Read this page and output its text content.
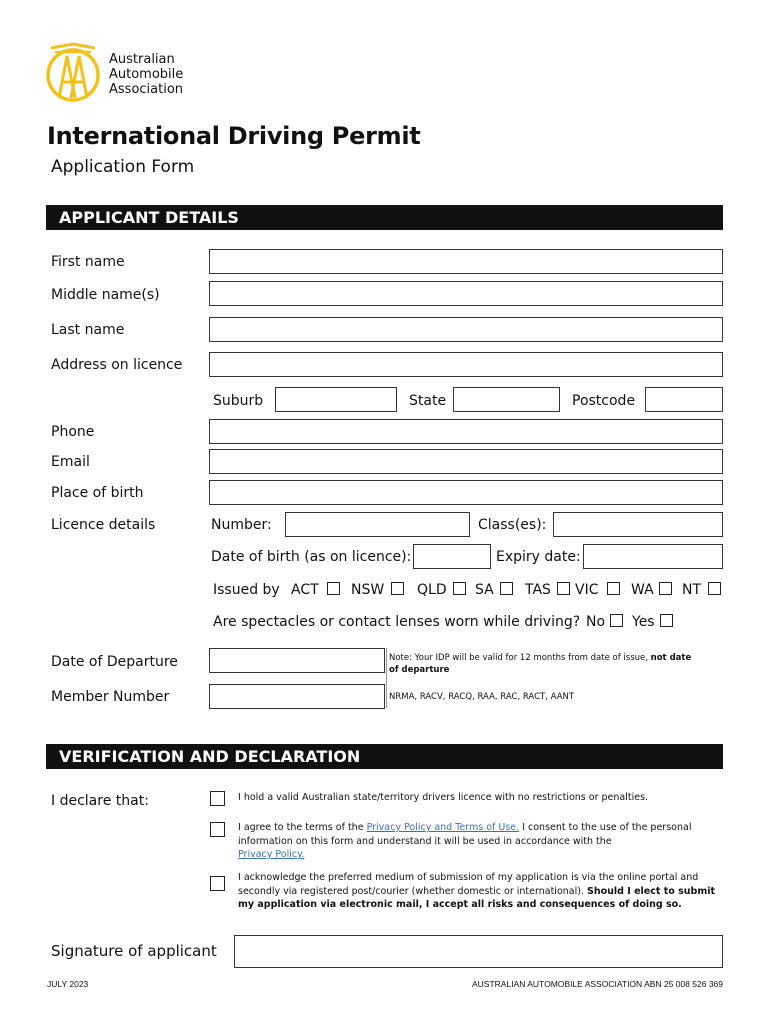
Australian
Automobile
Association
International Driving Permit
Application Form
APPLICANT DETAILS
First name
Middle name(s)
Last name
Address on licence
Suburb	State	Postcode
Phone
Email
Place of birth
Licence details	Number:	Class(es):
Date of birth (as on licence):	Expiry date:
Issued by ACT NSW QLD SA TAS VIC WA NT
Are spectacles or contact lenses worn while driving? No Yes
Date of Departure	Note: Your IDP will be valid for 12 months from date of issue, not date
of departure
Member Number	NRMA, RACV, RACQ, RAA, RAC, RACT, AANT
VERIFICATION AND DECLARATION
I declare that:	I hold a valid Australian state/territory drivers licence with no restrictions or penalties.
I agree to the terms of the Privacy Policy and Terms of Use. I consent to the use of the personal information on this form and understand it will be used in accordance with the
Privacy Policy.
I acknowledge the preferred medium of submission of my application is via the online portal and secondly via registered post/courier (whether domestic or international). Should I elect to submit my application via electronic mail, I accept all risks and consequences of doing so.
Signature of applicant
JULY 2023	AUSTRALIAN AUTOMOBILE ASSOCIATION ABN 25 008 526 369
